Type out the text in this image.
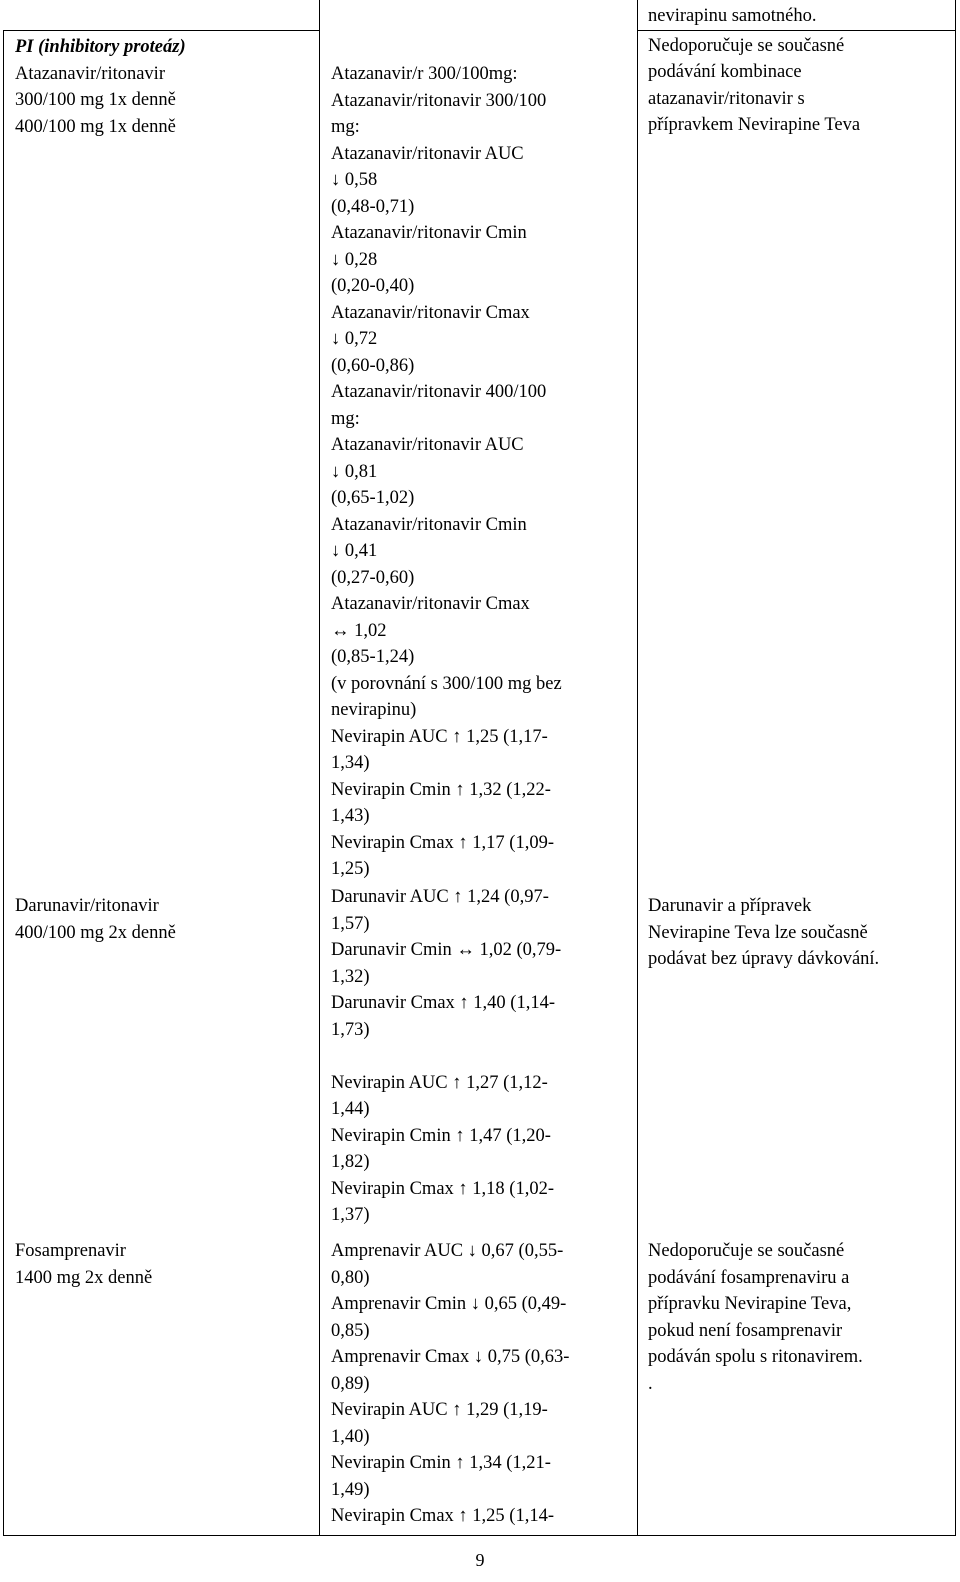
PI (inhibitory proteáz)
Atazanavir/ritonavir
300/100 mg 1x denně
400/100 mg 1x denně
Atazanavir/r 300/100mg:
Atazanavir/ritonavir 300/100
mg:
Atazanavir/ritonavir AUC
↓ 0,58
(0,48-0,71)
Atazanavir/ritonavir Cmin
↓ 0,28
(0,20-0,40)
Atazanavir/ritonavir Cmax
↓ 0,72
(0,60-0,86)
Atazanavir/ritonavir 400/100
mg:
Atazanavir/ritonavir AUC
↓ 0,81
(0,65-1,02)
Atazanavir/ritonavir Cmin
↓ 0,41
(0,27-0,60)
Atazanavir/ritonavir Cmax
↔ 1,02
(0,85-1,24)
(v porovnání s 300/100 mg bez
nevirapinu)
Nevirapin AUC ↑ 1,25 (1,17-
1,34)
Nevirapin Cmin ↑ 1,32 (1,22-
1,43)
Nevirapin Cmax ↑ 1,17 (1,09-
1,25)
nevirapinu samotného.
Nedoporučuje se současné
podávání kombinace
atazanavir/ritonavir s
přípravkem Nevirapine Teva
Darunavir/ritonavir
400/100 mg 2x denně
Darunavir AUC ↑ 1,24 (0,97-
1,57)
Darunavir Cmin ↔ 1,02 (0,79-
1,32)
Darunavir Cmax ↑ 1,40 (1,14-
1,73)
Nevirapin AUC ↑ 1,27 (1,12-
1,44)
Nevirapin Cmin ↑ 1,47 (1,20-
1,82)
Nevirapin Cmax ↑ 1,18 (1,02-
1,37)
Darunavir a přípravek
Nevirapine Teva lze současně
podávat bez úpravy dávkování.
Fosamprenavir
1400 mg 2x denně
Amprenavir AUC ↓ 0,67 (0,55-
0,80)
Amprenavir Cmin ↓ 0,65 (0,49-
0,85)
Amprenavir Cmax ↓ 0,75 (0,63-
0,89)
Nevirapin AUC ↑ 1,29 (1,19-
1,40)
Nevirapin Cmin ↑ 1,34 (1,21-
1,49)
Nevirapin Cmax ↑ 1,25 (1,14-
Nedoporučuje se současné
podávání fosamprenaviru a
přípravku Nevirapine Teva,
pokud není fosamprenavir
podáván spolu s ritonavirem.
.
9
